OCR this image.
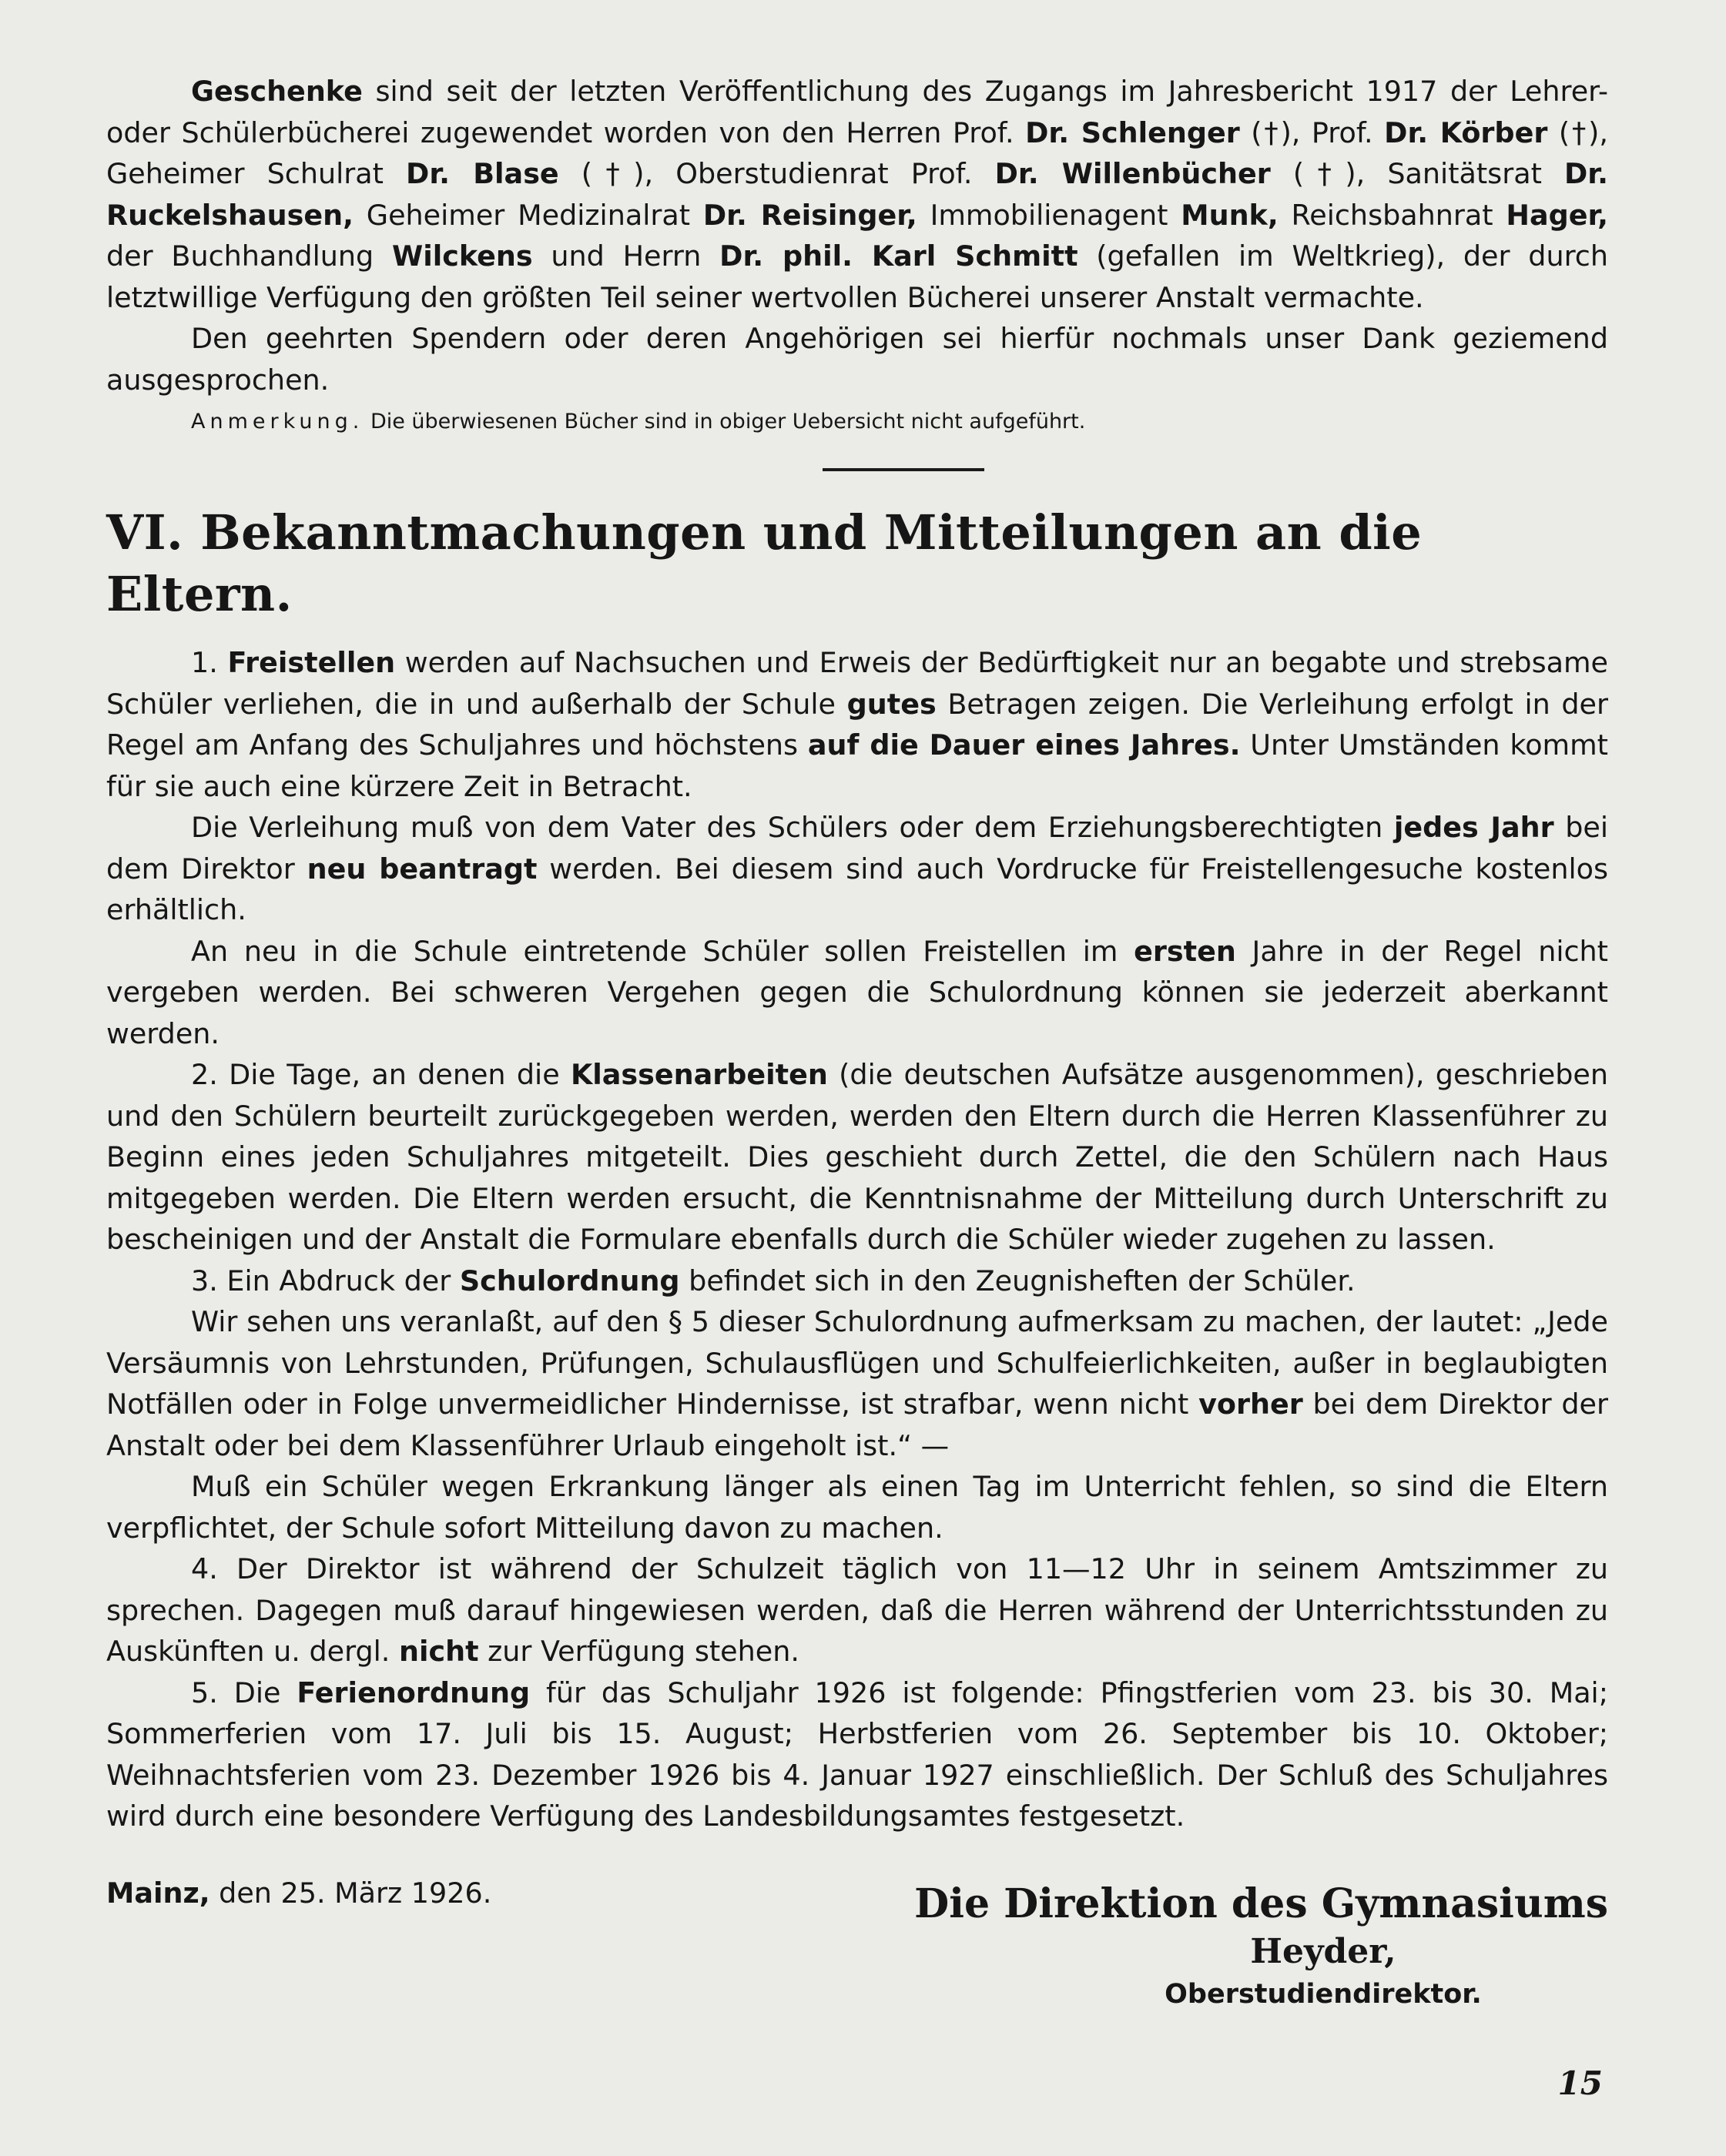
Geschenke sind seit der letzten Veröffentlichung des Zugangs im Jahresbericht 1917 der Lehrer- oder Schülerbücherei zugewendet worden von den Herren Prof. Dr. Schlenger (†), Prof. Dr. Körber (†), Geheimer Schulrat Dr. Blase (†), Oberstudienrat Prof. Dr. Willenbücher (†), Sanitätsrat Dr. Ruckelshausen, Geheimer Medizinalrat Dr. Reisinger, Immobilienagent Munk, Reichsbahnrat Hager, der Buchhandlung Wilckens und Herrn Dr. phil. Karl Schmitt (gefallen im Weltkrieg), der durch letztwillige Verfügung den größten Teil seiner wertvollen Bücherei unserer Anstalt vermachte.

Den geehrten Spendern oder deren Angehörigen sei hierfür nochmals unser Dank geziemend ausgesprochen.

Anmerkung. Die überwiesenen Bücher sind in obiger Uebersicht nicht aufgeführt.

VI. Bekanntmachungen und Mitteilungen an die Eltern.

1. Freistellen werden auf Nachsuchen und Erweis der Bedürftigkeit nur an begabte und strebsame Schüler verliehen, die in und außerhalb der Schule gutes Betragen zeigen. Die Verleihung erfolgt in der Regel am Anfang des Schuljahres und höchstens auf die Dauer eines Jahres. Unter Umständen kommt für sie auch eine kürzere Zeit in Betracht.

Die Verleihung muß von dem Vater des Schülers oder dem Erziehungsberechtigten jedes Jahr bei dem Direktor neu beantragt werden. Bei diesem sind auch Vordrucke für Freistellengesuche kostenlos erhältlich.

An neu in die Schule eintretende Schüler sollen Freistellen im ersten Jahre in der Regel nicht vergeben werden. Bei schweren Vergehen gegen die Schulordnung können sie jederzeit aberkannt werden.

2. Die Tage, an denen die Klassenarbeiten (die deutschen Aufsätze ausgenommen), geschrieben und den Schülern beurteilt zurückgegeben werden, werden den Eltern durch die Herren Klassenführer zu Beginn eines jeden Schuljahres mitgeteilt. Dies geschieht durch Zettel, die den Schülern nach Haus mitgegeben werden. Die Eltern werden ersucht, die Kenntnisnahme der Mitteilung durch Unterschrift zu bescheinigen und der Anstalt die Formulare ebenfalls durch die Schüler wieder zugehen zu lassen.

3. Ein Abdruck der Schulordnung befindet sich in den Zeugnisheften der Schüler.

Wir sehen uns veranlaßt, auf den § 5 dieser Schulordnung aufmerksam zu machen, der lautet: „Jede Versäumnis von Lehrstunden, Prüfungen, Schulausflügen und Schulfeierlichkeiten, außer in beglaubigten Notfällen oder in Folge unvermeidlicher Hindernisse, ist strafbar, wenn nicht vorher bei dem Direktor der Anstalt oder bei dem Klassenführer Urlaub eingeholt ist.“ —

Muß ein Schüler wegen Erkrankung länger als einen Tag im Unterricht fehlen, so sind die Eltern verpflichtet, der Schule sofort Mitteilung davon zu machen.

4. Der Direktor ist während der Schulzeit täglich von 11—12 Uhr in seinem Amtszimmer zu sprechen. Dagegen muß darauf hingewiesen werden, daß die Herren während der Unterrichtsstunden zu Auskünften u. dergl. nicht zur Verfügung stehen.

5. Die Ferienordnung für das Schuljahr 1926 ist folgende: Pfingstferien vom 23. bis 30. Mai; Sommerferien vom 17. Juli bis 15. August; Herbstferien vom 26. September bis 10. Oktober; Weihnachtsferien vom 23. Dezember 1926 bis 4. Januar 1927 einschließlich. Der Schluß des Schuljahres wird durch eine besondere Verfügung des Landesbildungsamtes festgesetzt.

Mainz, den 25. März 1926.	Die Direktion des Gymnasiums
Heyder,
Oberstudiendirektor.
15
